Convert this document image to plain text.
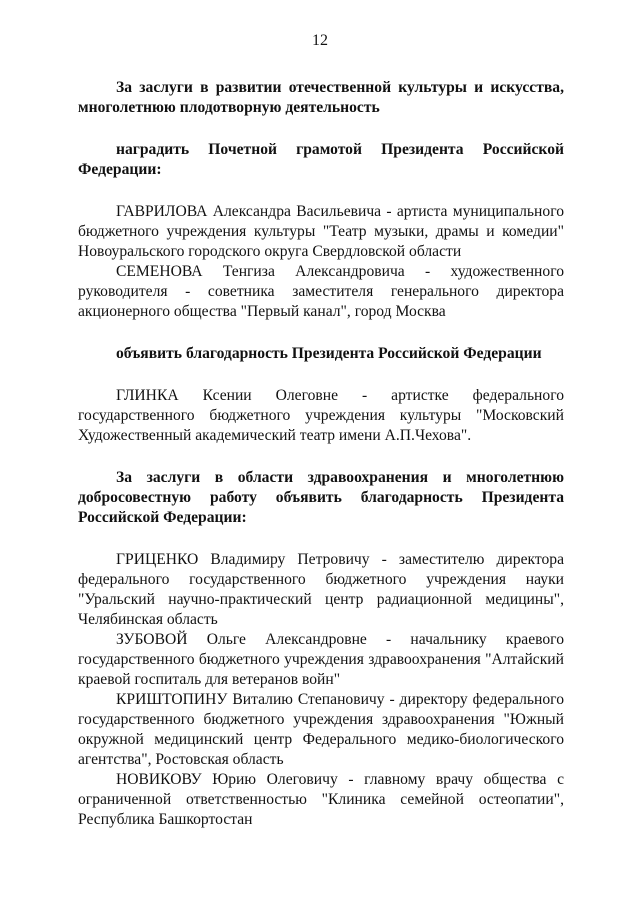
12

За заслуги в развитии отечественной культуры и искусства, многолетнюю плодотворную деятельность

наградить Почетной грамотой Президента Российской Федерации:

ГАВРИЛОВА Александра Васильевича - артиста муниципального бюджетного учреждения культуры "Театр музыки, драмы и комедии" Новоуральского городского округа Свердловской области

СЕМЕНОВА Тенгиза Александровича - художественного руководителя - советника заместителя генерального директора акционерного общества "Первый канал", город Москва

объявить благодарность Президента Российской Федерации

ГЛИНКА Ксении Олеговне - артистке федерального государственного бюджетного учреждения культуры "Московский Художественный академический театр имени А.П.Чехова".

За заслуги в области здравоохранения и многолетнюю добросовестную работу объявить благодарность Президента Российской Федерации:

ГРИЦЕНКО Владимиру Петровичу - заместителю директора федерального государственного бюджетного учреждения науки "Уральский научно-практический центр радиационной медицины", Челябинская область

ЗУБОВОЙ Ольге Александровне - начальнику краевого государственного бюджетного учреждения здравоохранения "Алтайский краевой госпиталь для ветеранов войн"

КРИШТОПИНУ Виталию Степановичу - директору федерального государственного бюджетного учреждения здравоохранения "Южный окружной медицинский центр Федерального медико-биологического агентства", Ростовская область

НОВИКОВУ Юрию Олеговичу - главному врачу общества с ограниченной ответственностью "Клиника семейной остеопатии", Республика Башкортостан
